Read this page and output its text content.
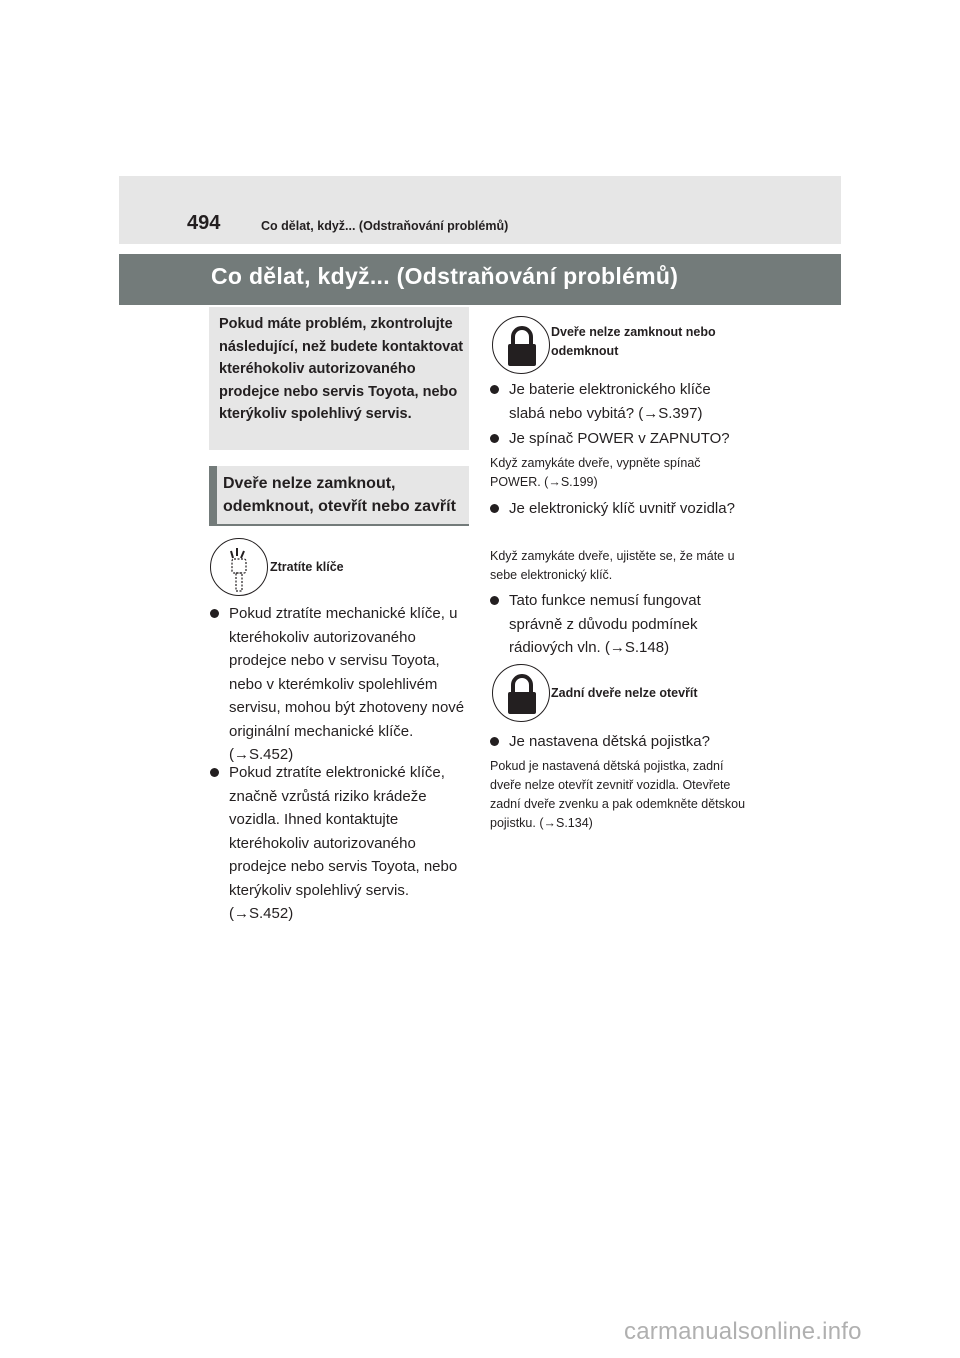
494	Co dělat, když... (Odstraňování problémů)
Co dělat, když... (Odstraňování problémů)
Pokud máte problém, zkontrolujte následující, než budete kontaktovat kteréhokoliv autorizovaného prodejce nebo servis Toyota, nebo kterýkoliv spolehlivý servis.
Dveře nelze zamknout, odemknout, otevřít nebo zavřít
Ztratíte klíče
Pokud ztratíte mechanické klíče, u kteréhokoliv autorizovaného prodejce nebo v servisu Toyota, nebo v kterémkoliv spolehlivém servisu, mohou být zhotoveny nové originální mechanické klíče. (→S.452)
Pokud ztratíte elektronické klíče, značně vzrůstá riziko krádeže vozidla. Ihned kontaktujte kteréhokoliv autorizovaného prodejce nebo servis Toyota, nebo kterýkoliv spolehlivý servis. (→S.452)
Dveře nelze zamknout nebo odemknout
Je baterie elektronického klíče slabá nebo vybitá? (→S.397)
Je spínač POWER v ZAPNUTO?
Když zamykáte dveře, vypněte spínač POWER. (→S.199)
Je elektronický klíč uvnitř vozidla?
Když zamykáte dveře, ujistěte se, že máte u sebe elektronický klíč.
Tato funkce nemusí fungovat správně z důvodu podmínek rádiových vln. (→S.148)
Zadní dveře nelze otevřít
Je nastavena dětská pojistka?
Pokud je nastavená dětská pojistka, zadní dveře nelze otevřít zevnitř vozidla. Otevřete zadní dveře zvenku a pak odemkněte dětskou pojistku. (→S.134)
carmanualsonline.info
